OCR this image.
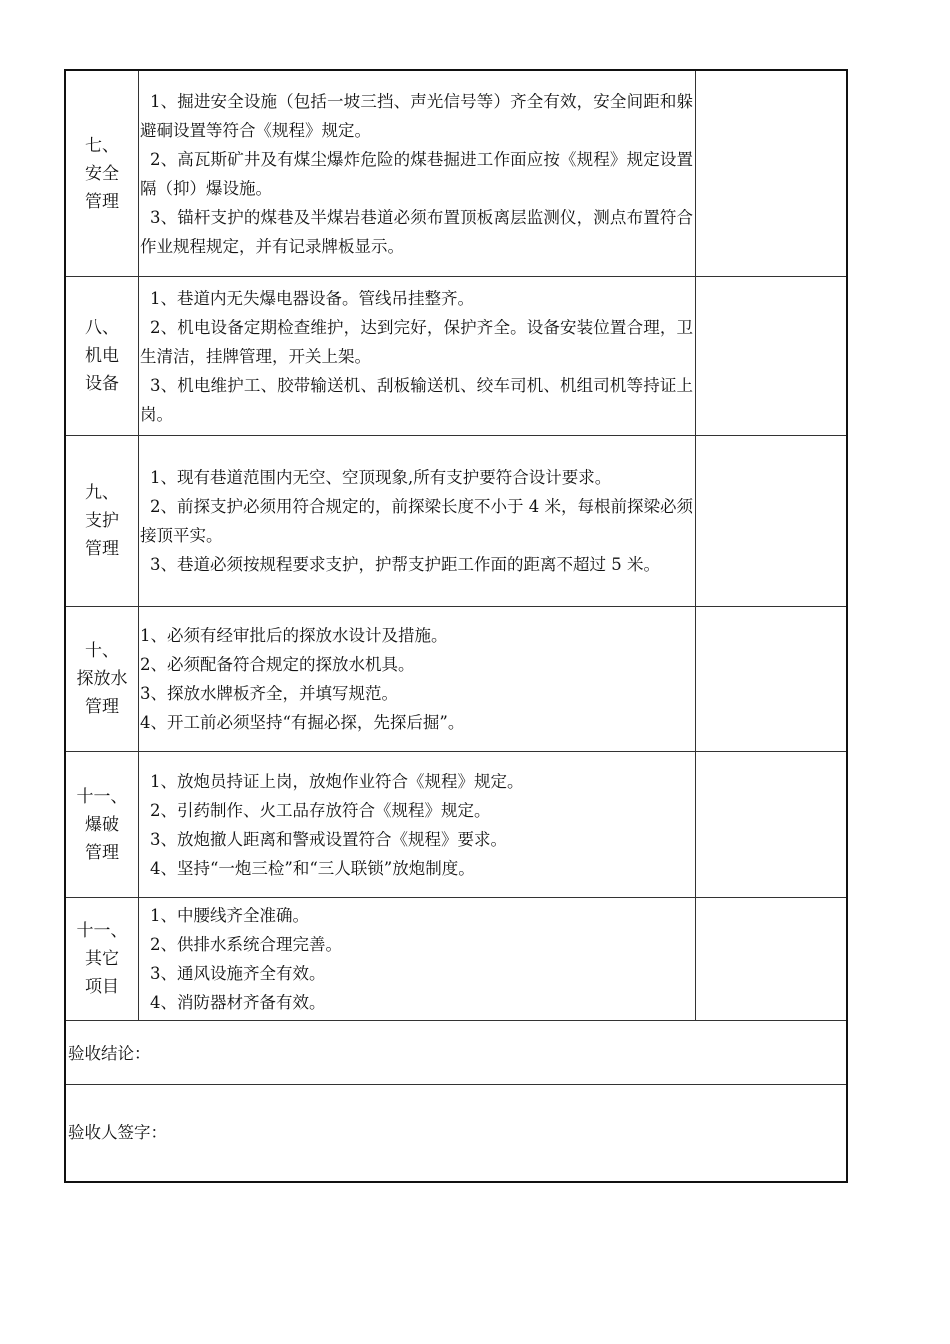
七、
安全
管理

1、掘进安全设施（包括一坡三挡、声光信号等）齐全有效，安全间距和躲避硐设置等符合《规程》规定。

2、高瓦斯矿井及有煤尘爆炸危险的煤巷掘进工作面应按《规程》规定设置隔（抑）爆设施。

3、锚杆支护的煤巷及半煤岩巷道必须布置顶板离层监测仪，测点布置符合作业规程规定，并有记录牌板显示。

八、
机电
设备

1、巷道内无失爆电器设备。管线吊挂整齐。

2、机电设备定期检查维护，达到完好，保护齐全。设备安装位置合理，卫生清洁，挂牌管理，开关上架。

3、机电维护工、胶带输送机、刮板输送机、绞车司机、机组司机等持证上岗。

九、
支护
管理

1、现有巷道范围内无空、空顶现象,所有支护要符合设计要求。

2、前探支护必须用符合规定的，前探梁长度不小于 4 米，每根前探梁必须接顶平实。

3、巷道必须按规程要求支护，护帮支护距工作面的距离不超过 5 米。

十、
探放水
管理

1、必须有经审批后的探放水设计及措施。

2、必须配备符合规定的探放水机具。

3、探放水牌板齐全，并填写规范。

4、开工前必须坚持“有掘必探，先探后掘”。

十一、
爆破
管理

1、放炮员持证上岗，放炮作业符合《规程》规定。

2、引药制作、火工品存放符合《规程》规定。

3、放炮撤人距离和警戒设置符合《规程》要求。

4、坚持“一炮三检”和“三人联锁”放炮制度。

十一、
其它
项目

1、中腰线齐全准确。

2、供排水系统合理完善。

3、通风设施齐全有效。

4、消防器材齐备有效。

验收结论：
验收人签字：
